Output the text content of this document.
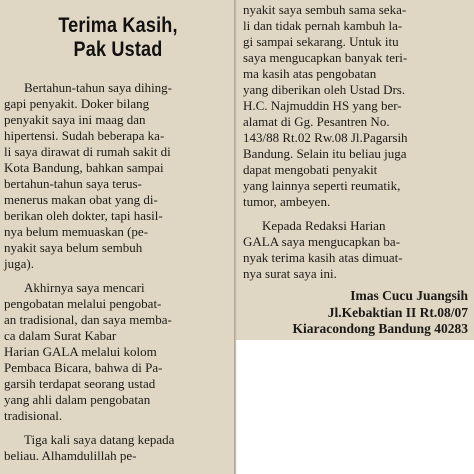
Terima Kasih,
Pak Ustad
Bertahun-tahun saya dihing-
gapi penyakit. Doker bilang
penyakit saya ini maag dan
hipertensi. Sudah beberapa ka-
li saya dirawat di rumah sakit di
Kota Bandung, bahkan sampai
bertahun-tahun saya terus-
menerus makan obat yang di-
berikan oleh dokter, tapi hasil-
nya belum memuaskan (pe-
nyakit saya belum sembuh
juga).
Akhirnya saya mencari
pengobatan melalui pengobat-
an tradisional, dan saya memba-
ca dalam Surat Kabar
Harian GALA melalui kolom
Pembaca Bicara, bahwa di Pa-
garsih terdapat seorang ustad
yang ahli dalam pengobatan
tradisional.
Tiga kali saya datang kepada
beliau. Alhamdulillah pe-
nyakit saya sembuh sama seka-
li dan tidak pernah kambuh la-
gi sampai sekarang. Untuk itu
saya mengucapkan banyak teri-
ma kasih atas pengobatan
yang diberikan oleh Ustad Drs.
H.C. Najmuddin HS yang ber-
alamat di Gg. Pesantren No.
143/88 Rt.02 Rw.08 Jl.Pagarsih
Bandung. Selain itu beliau juga
dapat mengobati penyakit
yang lainnya seperti reumatik,
tumor, ambeyen.
Kepada Redaksi Harian
GALA saya mengucapkan ba-
nyak terima kasih atas dimuat-
nya surat saya ini.
Imas Cucu Juangsih
Jl.Kebaktian II Rt.08/07
Kiaracondong Bandung 40283
